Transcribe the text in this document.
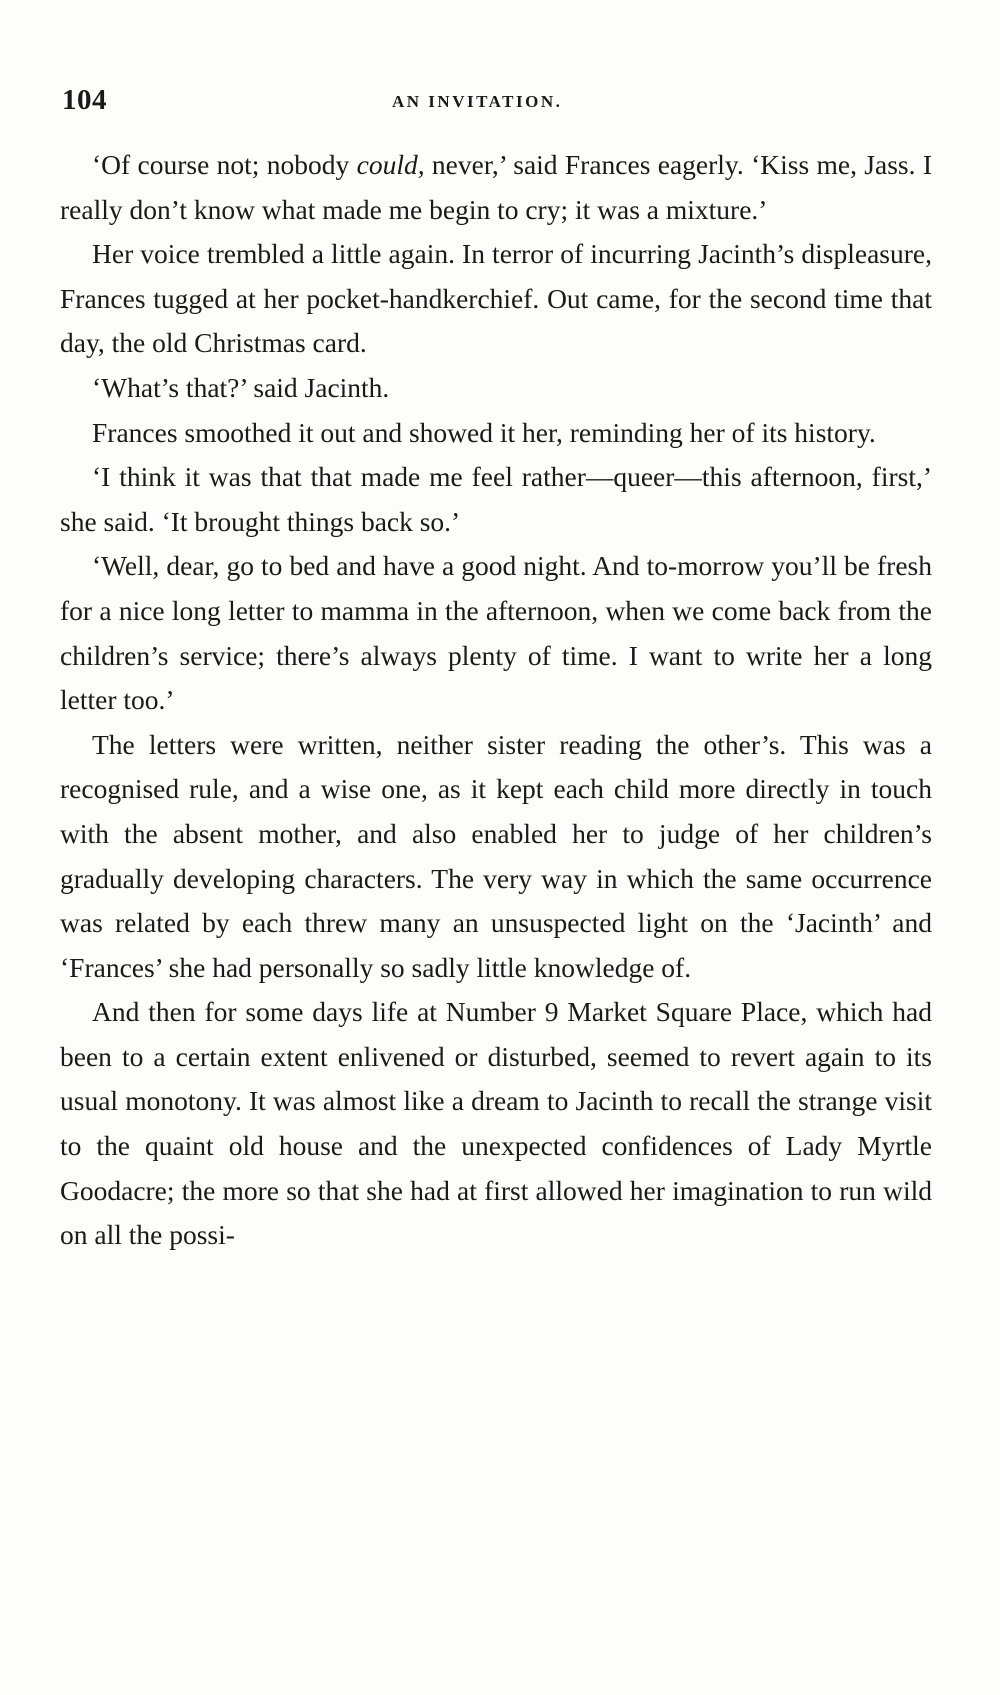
104	AN INVITATION.

‘Of course not; nobody could, never,’ said Frances eagerly. ‘Kiss me, Jass. I really don’t know what made me begin to cry; it was a mixture.’

Her voice trembled a little again. In terror of incurring Jacinth’s displeasure, Frances tugged at her pocket-handkerchief. Out came, for the second time that day, the old Christmas card.

‘What’s that?’ said Jacinth.

Frances smoothed it out and showed it her, reminding her of its history.

‘I think it was that that made me feel rather—queer—this afternoon, first,’ she said. ‘It brought things back so.’

‘Well, dear, go to bed and have a good night. And to-morrow you’ll be fresh for a nice long letter to mamma in the afternoon, when we come back from the children’s service; there’s always plenty of time. I want to write her a long letter too.’

The letters were written, neither sister reading the other’s. This was a recognised rule, and a wise one, as it kept each child more directly in touch with the absent mother, and also enabled her to judge of her children’s gradually developing characters. The very way in which the same occurrence was related by each threw many an unsuspected light on the ‘Jacinth’ and ‘Frances’ she had personally so sadly little knowledge of.

And then for some days life at Number 9 Market Square Place, which had been to a certain extent enlivened or disturbed, seemed to revert again to its usual monotony. It was almost like a dream to Jacinth to recall the strange visit to the quaint old house and the unexpected confidences of Lady Myrtle Goodacre; the more so that she had at first allowed her imagination to run wild on all the possi-
